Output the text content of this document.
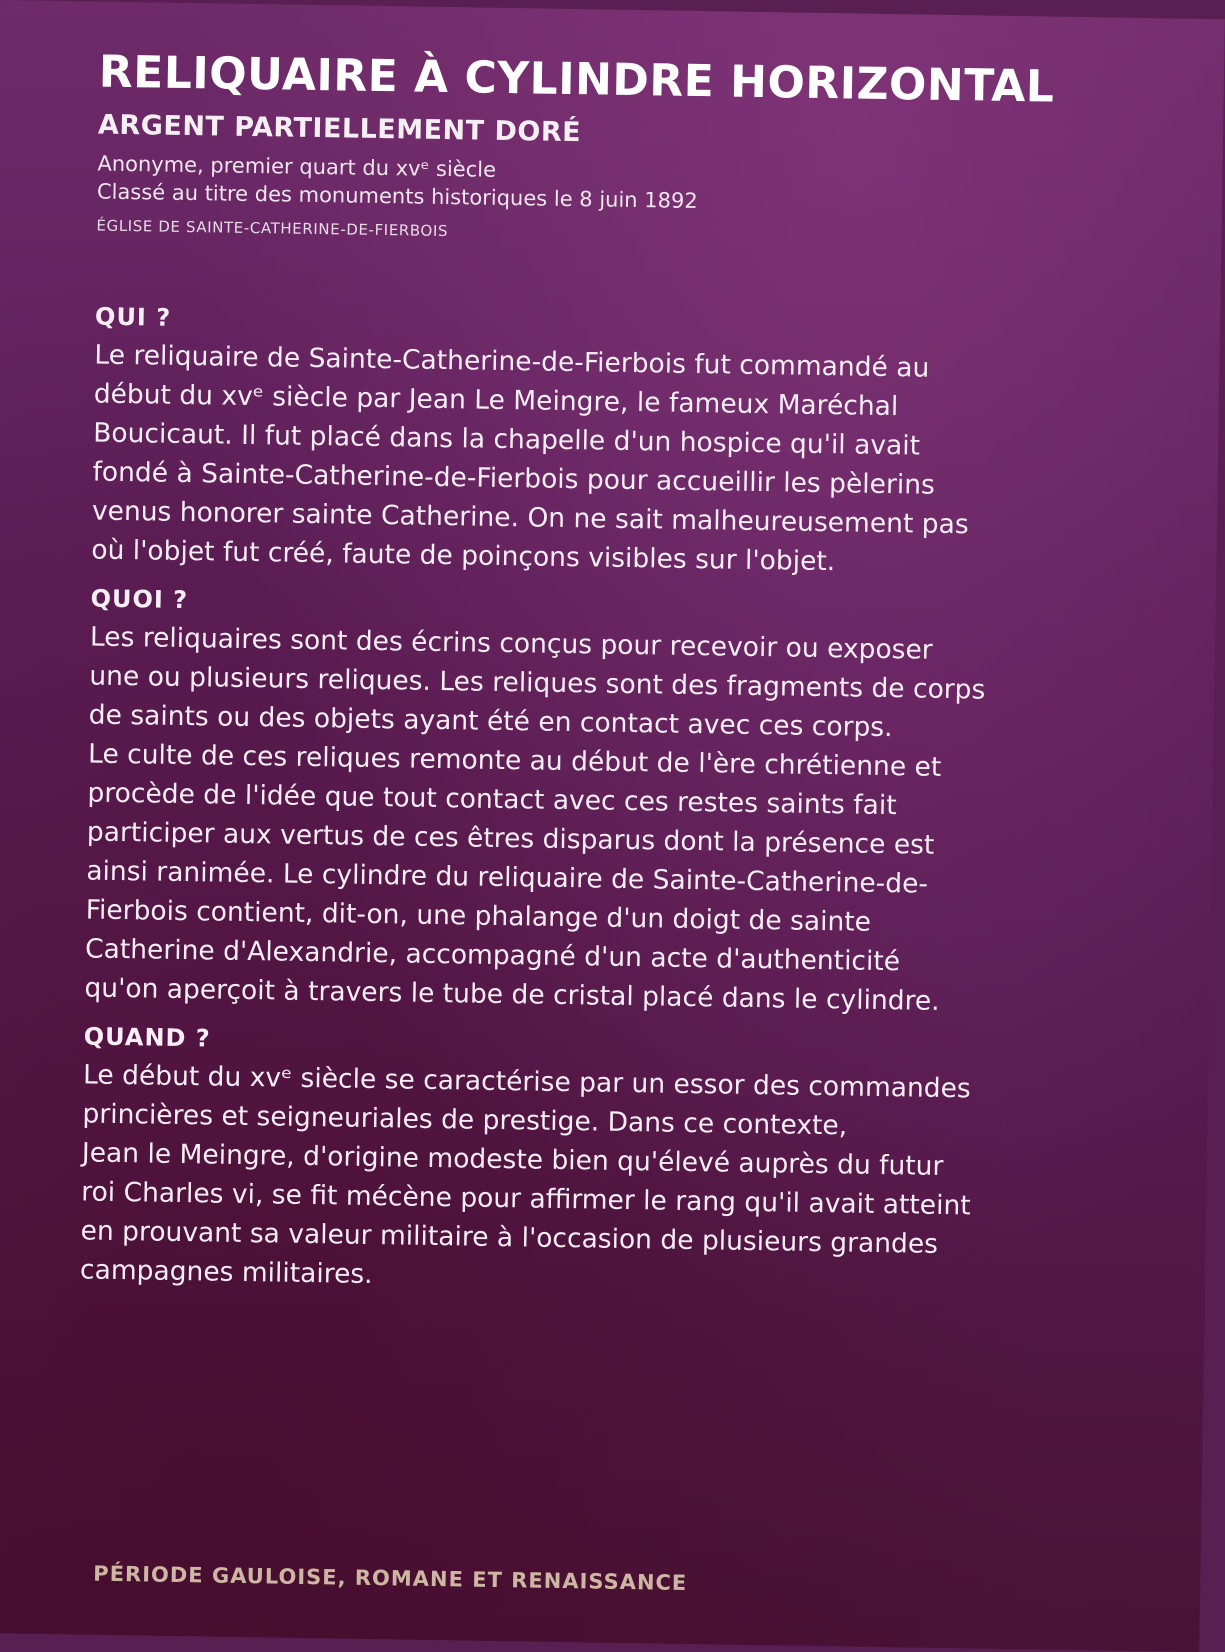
RELIQUAIRE À CYLINDRE HORIZONTAL
ARGENT PARTIELLEMENT DORÉ

Anonyme, premier quart du xvᵉ siècle

Classé au titre des monuments historiques le 8 juin 1892

ÉGLISE DE SAINTE-CATHERINE-DE-FIERBOIS
QUI ?

Le reliquaire de Sainte-Catherine-de-Fierbois fut commandé au
début du xvᵉ siècle par Jean Le Meingre, le fameux Maréchal
Boucicaut. Il fut placé dans la chapelle d'un hospice qu'il avait
fondé à Sainte-Catherine-de-Fierbois pour accueillir les pèlerins
venus honorer sainte Catherine. On ne sait malheureusement pas
où l'objet fut créé, faute de poinçons visibles sur l'objet.

QUOI ?

Les reliquaires sont des écrins conçus pour recevoir ou exposer
une ou plusieurs reliques. Les reliques sont des fragments de corps
de saints ou des objets ayant été en contact avec ces corps.
Le culte de ces reliques remonte au début de l'ère chrétienne et
procède de l'idée que tout contact avec ces restes saints fait
participer aux vertus de ces êtres disparus dont la présence est
ainsi ranimée. Le cylindre du reliquaire de Sainte-Catherine-de-
Fierbois contient, dit-on, une phalange d'un doigt de sainte
Catherine d'Alexandrie, accompagné d'un acte d'authenticité
qu'on aperçoit à travers le tube de cristal placé dans le cylindre.

QUAND ?

Le début du xvᵉ siècle se caractérise par un essor des commandes
princières et seigneuriales de prestige. Dans ce contexte,
Jean le Meingre, d'origine modeste bien qu'élevé auprès du futur
roi Charles vi, se fit mécène pour affirmer le rang qu'il avait atteint
en prouvant sa valeur militaire à l'occasion de plusieurs grandes
campagnes militaires.

PÉRIODE GAULOISE, ROMANE ET RENAISSANCE
